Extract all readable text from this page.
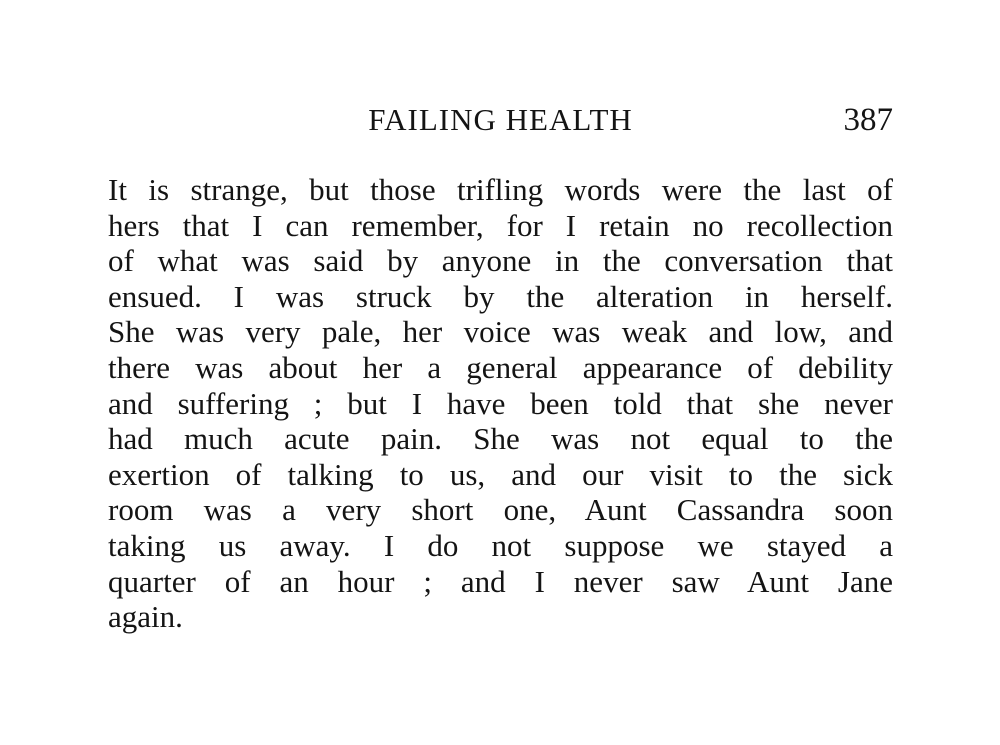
FAILING HEALTH	387
It is strange, but those trifling words were the last of
hers that I can remember, for I retain no recollection
of what was said by anyone in the conversation that
ensued. I was struck by the alteration in herself.
She was very pale, her voice was weak and low, and
there was about her a general appearance of debility
and suffering ; but I have been told that she never
had much acute pain. She was not equal to the
exertion of talking to us, and our visit to the sick
room was a very short one, Aunt Cassandra soon
taking us away. I do not suppose we stayed a
quarter of an hour ; and I never saw Aunt Jane
again.
